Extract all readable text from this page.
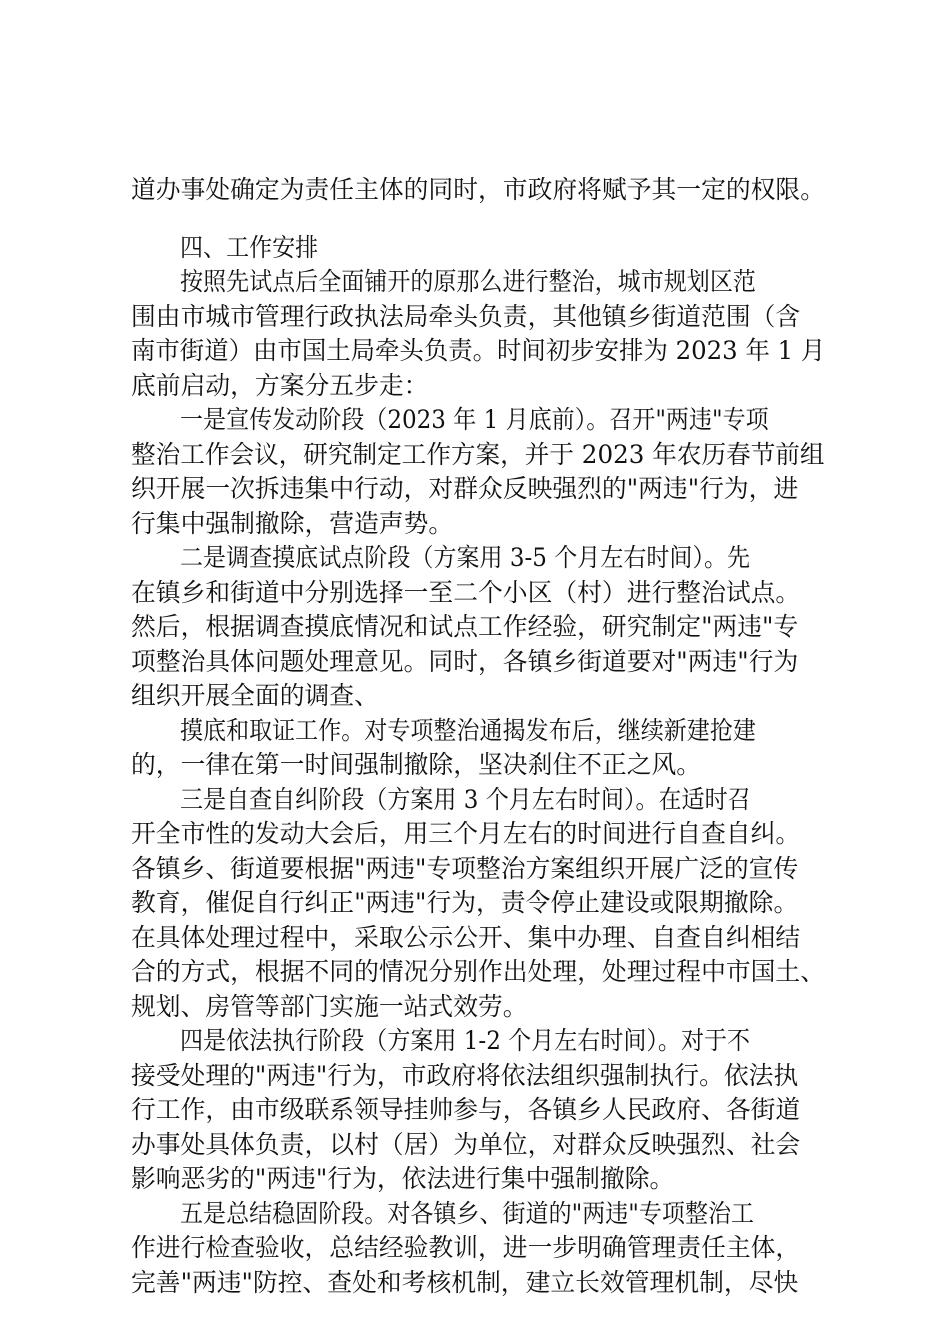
道办事处确定为责任主体的同时，市政府将赋予其一定的权限。
四、工作安排
按照先试点后全面铺开的原那么进行整治，城市规划区范
围由市城市管理行政执法局牵头负责，其他镇乡街道范围（含
南市街道）由市国土局牵头负责。时间初步安排为 2023 年 1 月
底前启动，方案分五步走：
一是宣传发动阶段（2023 年 1 月底前）。召开"两违"专项
整治工作会议，研究制定工作方案，并于 2023 年农历春节前组
织开展一次拆违集中行动，对群众反映强烈的"两违"行为，进
行集中强制撤除，营造声势。
二是调查摸底试点阶段（方案用 3-5 个月左右时间）。先
在镇乡和街道中分别选择一至二个小区（村）进行整治试点。
然后，根据调查摸底情况和试点工作经验，研究制定"两违"专
项整治具体问题处理意见。同时，各镇乡街道要对"两违"行为
组织开展全面的调查、
摸底和取证工作。对专项整治通揭发布后，继续新建抢建
的，一律在第一时间强制撤除，坚决刹住不正之风。
三是自查自纠阶段（方案用 3 个月左右时间）。在适时召
开全市性的发动大会后，用三个月左右的时间进行自查自纠。
各镇乡、街道要根据"两违"专项整治方案组织开展广泛的宣传
教育，催促自行纠正"两违"行为，责令停止建设或限期撤除。
在具体处理过程中，采取公示公开、集中办理、自查自纠相结
合的方式，根据不同的情况分别作出处理，处理过程中市国土、
规划、房管等部门实施一站式效劳。
四是依法执行阶段（方案用 1-2 个月左右时间）。对于不
接受处理的"两违"行为，市政府将依法组织强制执行。依法执
行工作，由市级联系领导挂帅参与，各镇乡人民政府、各街道
办事处具体负责，以村（居）为单位，对群众反映强烈、社会
影响恶劣的"两违"行为，依法进行集中强制撤除。
五是总结稳固阶段。对各镇乡、街道的"两违"专项整治工
作进行检查验收，总结经验教训，进一步明确管理责任主体，
完善"两违"防控、查处和考核机制，建立长效管理机制，尽快
